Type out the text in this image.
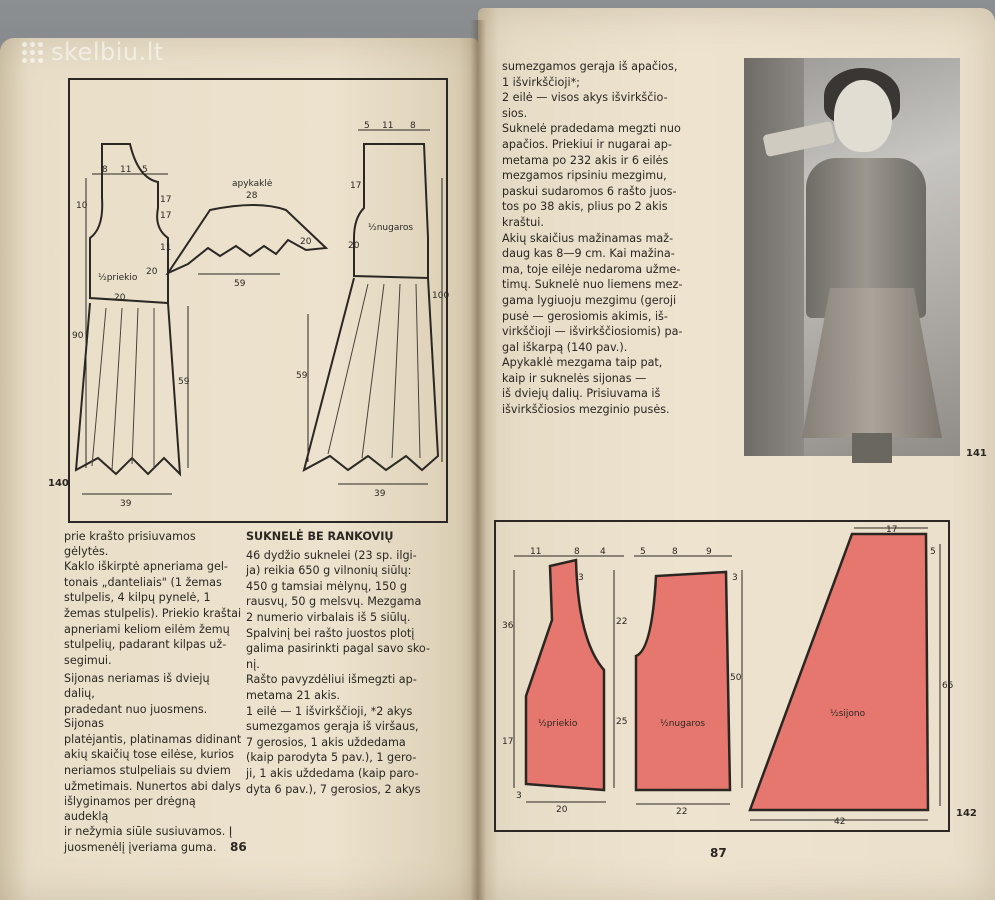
skelbiu.lt
½priekio
apykaklė
½nugaros
8 11 5
5 11 8
10
17
17
11
20
20
28
59
20
90
59
59
17
39
39
20
100
140

prie krašto prisiuvamos gėlytės.

Kaklo iškirptė apneriama gel-

tonais „danteliais" (1 žemas

stulpelis, 4 kilpų pynelė, 1

žemas stulpelis). Priekio kraštai

apneriami keliom eilėm žemų

stulpelių, padarant kilpas už-

segimui.

Sijonas neriamas iš dviejų dalių,

pradedant nuo juosmens. Sijonas

platėjantis, platinamas didinant

akių skaičių tose eilėse, kurios

neriamos stulpeliais su dviem

užmetimais. Nunertos abi dalys

išlyginamos per drėgną audeklą

ir nežymia siūle susiuvamos. Į

juosmenėlį įveriama guma.

SUKNELĖ BE RANKOVIŲ

46 dydžio suknelei (23 sp. ilgi-

ja) reikia 650 g vilnonių siūlų:

450 g tamsiai mėlynų, 150 g

rausvų, 50 g melsvų. Mezgama

2 numerio virbalais iš 5 siūlų.

Spalvinį bei rašto juostos plotį

galima pasirinkti pagal savo sko-

nį.

Rašto pavyzdėliui išmegzti ap-

metama 21 akis.

1 eilė — 1 išvirkščioji, *2 akys

sumezgamos gerąja iš viršaus,

7 gerosios, 1 akis uždedama

(kaip parodyta 5 pav.), 1 gero-

ji, 1 akis uždedama (kaip paro-

dyta 6 pav.), 7 gerosios, 2 akys

86

sumezgamos gerąja iš apačios,

1 išvirkščioji*;

2 eilė — visos akys išvirkščio-

sios.

Suknelė pradedama megzti nuo

apačios. Priekiui ir nugarai ap-

metama po 232 akis ir 6 eilės

mezgamos ripsiniu mezgimu,

paskui sudaromos 6 rašto juos-

tos po 38 akis, plius po 2 akis

kraštui.

Akių skaičius mažinamas maž-

daug kas 8—9 cm. Kai mažina-

ma, toje eilėje nedaroma užme-

timų. Suknelė nuo liemens mez-

gama lygiuoju mezgimu (geroji

pusė — gerosiomis akimis, iš-

virkščioji — išvirkščiosiomis) pa-

gal iškarpą (140 pav.).

Apykaklė mezgama taip pat,

kaip ir suknelės sijonas —

iš dviejų dalių. Prisiuvama iš

išvirkščiosios mezginio pusės.

141
½priekio	½nugaros
½sijono
11	8 4	5	8	9
17
3	3
5
36	22
50
25
17
65
3
20	22
42
142
87
